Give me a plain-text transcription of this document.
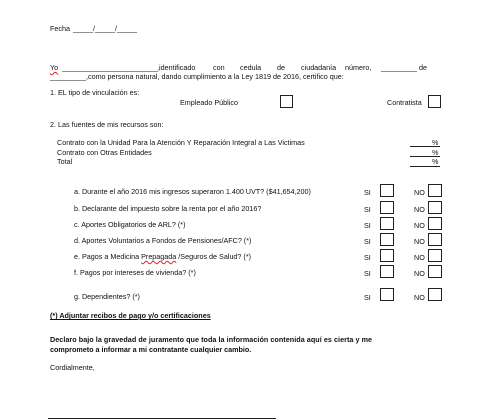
Fecha _____/_____/_____
Yo ________________________, identificado con cedula de ciudadanía número, _________ de
_________,como persona natural, dando cumplimiento a la Ley 1819 de 2016, certifico que:
1. EL tipo de vinculación es:
Empleado Público	Contratista
2. Las fuentes de mis recursos son:
Contrato con la Unidad Para la Atención Y Reparación Integral a Las Victimas	%
Contrato con Otras Entidades	%
Total	%
a. Durante el año 2016 mis ingresos superaron 1.400 UVT? ($41,654,200)	SI	NO
b. Declarante del impuesto sobre la renta por el año 2016?	SI	NO
c. Aportes Obligatorios de ARL? (*)	SI	NO
d. Aportes Voluntarios a Fondos de Pensiones/AFC? (*)	SI	NO
e. Pagos a Medicina Prepagada /Seguros de Salud? (*)	SI	NO
f. Pagos por intereses de vivienda? (*)	SI	NO
g. Dependientes? (*)	SI	NO
(*) Adjuntar recibos de pago y/o certificaciones
Declaro bajo la gravedad de juramento que toda la información contenida aquí es cierta y me
comprometo a informar a mi contratante cualquier cambio.
Cordialmente,
